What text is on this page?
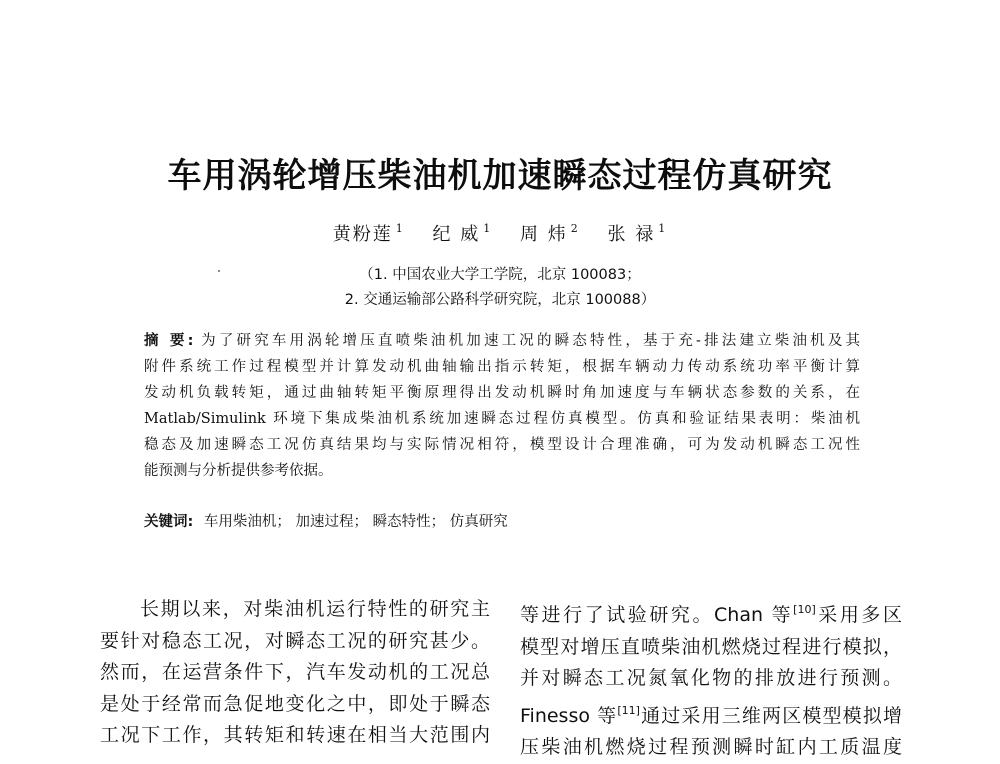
车用涡轮增压柴油机加速瞬态过程仿真研究
黄粉莲 $^1$ 纪 威 $^1$ 周 炜 $^2$ 张 禄 $^1$
（1. 中国农业大学工学院，北京 100083；
2. 交通运输部公路科学研究院，北京 100088）
摘 要: 为了研究车用涡轮增压直喷柴油机加速工况的瞬态特性，基于充-排法建立柴油机及其
附件系统工作过程模型并计算发动机曲轴输出指示转矩，根据车辆动力传动系统功率平衡计算
发动机负载转矩，通过曲轴转矩平衡原理得出发动机瞬时角加速度与车辆状态参数的关系，在
Matlab/Simulink 环境下集成柴油机系统加速瞬态过程仿真模型。仿真和验证结果表明：柴油机
稳态及加速瞬态工况仿真结果均与实际情况相符，模型设计合理准确，可为发动机瞬态工况性
能预测与分析提供参考依据。
关键词: 车用柴油机； 加速过程； 瞬态特性； 仿真研究
长期以来，对柴油机运行特性的研究主
要针对稳态工况，对瞬态工况的研究甚少。
然而，在运营条件下，汽车发动机的工况总
是处于经常而急促地变化之中，即处于瞬态
工况下工作，其转矩和转速在相当大范围内
等进行了试验研究。Chan 等[10]采用多区
模型对增压直喷柴油机燃烧过程进行模拟，
并对瞬态工况氮氧化物的排放进行预测。
Finesso 等[11]通过采用三维两区模型模拟增
压柴油机燃烧过程预测瞬时缸内工质温度
